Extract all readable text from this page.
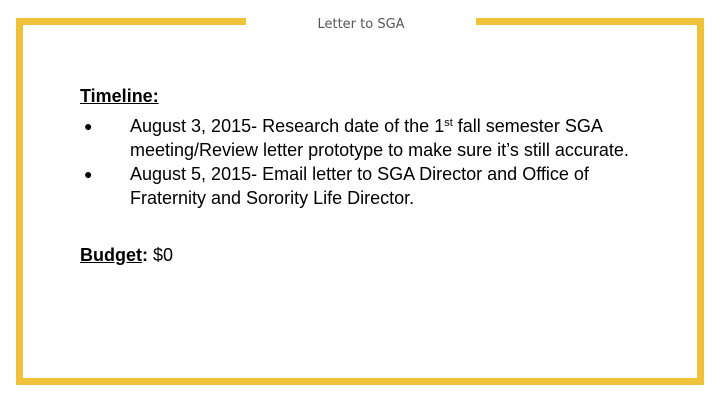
Letter to SGA

Timeline:

● August 3, 2015- Research date of the 1st fall semester SGA meeting/Review letter prototype to make sure it’s still accurate.
● August 5, 2015- Email letter to SGA Director and Office of Fraternity and Sorority Life Director.
Budget: $0
